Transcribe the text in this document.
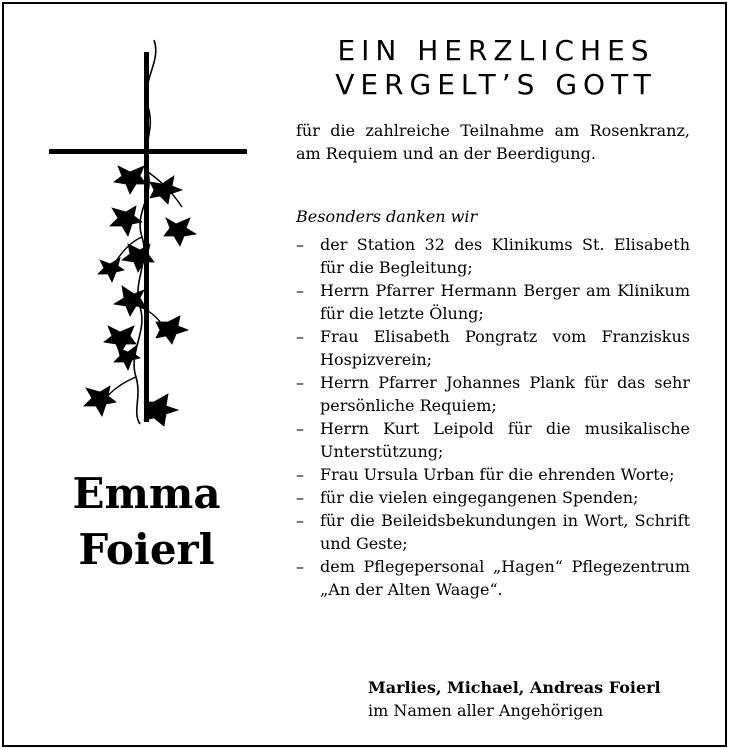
Emma
Foierl
EIN HERZLICHES
VERGELT’S GOTT
für die zahlreiche Teilnahme am Rosenkranz, am Requiem und an der Beerdigung.
Besonders danken wir
– der Station 32 des Klinikums St. Elisabeth für die Begleitung;
– Herrn Pfarrer Hermann Berger am Klinikum für die letzte Ölung;
– Frau Elisabeth Pongratz vom Franziskus Hospizverein;
– Herrn Pfarrer Johannes Plank für das sehr persönliche Requiem;
– Herrn Kurt Leipold für die musikalische Unterstützung;
– Frau Ursula Urban für die ehrenden Worte;
– für die vielen eingegangenen Spenden;
– für die Beileidsbekundungen in Wort, Schrift und Geste;
– dem Pflegepersonal „Hagen“ Pflegezentrum „An der Alten Waage“.
Marlies, Michael, Andreas Foierl
im Namen aller Angehörigen
